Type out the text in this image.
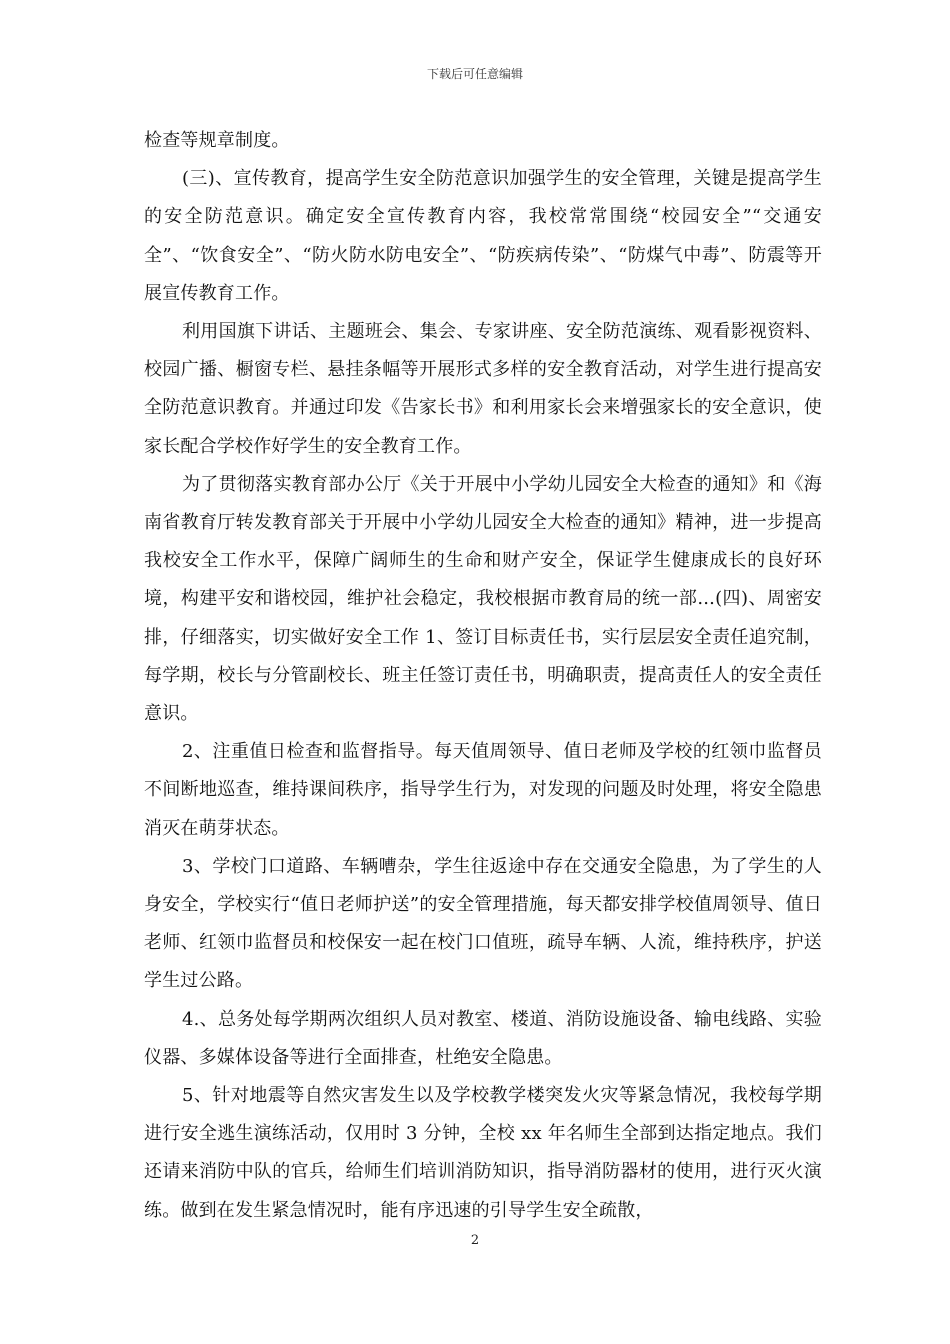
下载后可任意编辑

检查等规章制度。

(三)、宣传教育，提高学生安全防范意识加强学生的安全管理，关键是提高学生的安全防范意识。确定安全宣传教育内容，我校常常围绕“校园安全”“交通安全”、“饮食安全”、“防火防水防电安全”、“防疾病传染”、“防煤气中毒”、防震等开展宣传教育工作。

利用国旗下讲话、主题班会、集会、专家讲座、安全防范演练、观看影视资料、校园广播、橱窗专栏、悬挂条幅等开展形式多样的安全教育活动，对学生进行提高安全防范意识教育。并通过印发《告家长书》和利用家长会来增强家长的安全意识，使家长配合学校作好学生的安全教育工作。

为了贯彻落实教育部办公厅《关于开展中小学幼儿园安全大检查的通知》和《海南省教育厅转发教育部关于开展中小学幼儿园安全大检查的通知》精神，进一步提高我校安全工作水平，保障广阔师生的生命和财产安全，保证学生健康成长的良好环境，构建平安和谐校园，维护社会稳定，我校根据市教育局的统一部...(四)、周密安排，仔细落实，切实做好安全工作 1、签订目标责任书，实行层层安全责任追究制，每学期，校长与分管副校长、班主任签订责任书，明确职责，提高责任人的安全责任意识。

2、注重值日检查和监督指导。每天值周领导、值日老师及学校的红领巾监督员不间断地巡查，维持课间秩序，指导学生行为，对发现的问题及时处理，将安全隐患消灭在萌芽状态。

3、学校门口道路、车辆嘈杂，学生往返途中存在交通安全隐患，为了学生的人身安全，学校实行“值日老师护送”的安全管理措施，每天都安排学校值周领导、值日老师、红领巾监督员和校保安一起在校门口值班，疏导车辆、人流，维持秩序，护送学生过公路。

4.、总务处每学期两次组织人员对教室、楼道、消防设施设备、输电线路、实验仪器、多媒体设备等进行全面排查，杜绝安全隐患。

5、针对地震等自然灾害发生以及学校教学楼突发火灾等紧急情况，我校每学期进行安全逃生演练活动，仅用时 3 分钟，全校 xx 年名师生全部到达指定地点。我们还请来消防中队的官兵，给师生们培训消防知识，指导消防器材的使用，进行灭火演练。做到在发生紧急情况时，能有序迅速的引导学生安全疏散，

2
